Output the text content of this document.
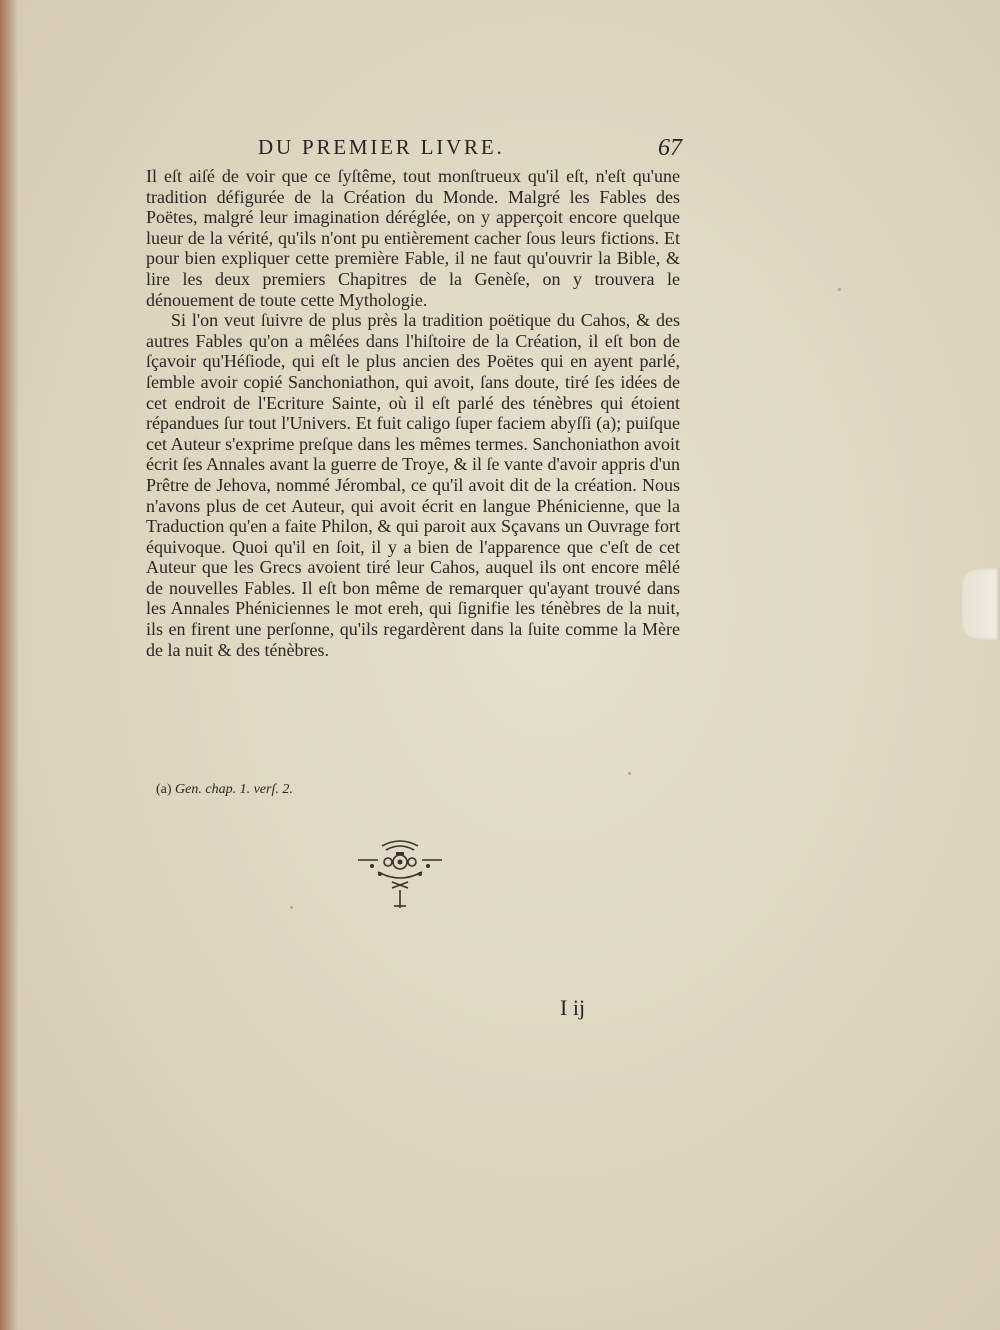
DU PREMIER LIVRE.	67

Il eſt aiſé de voir que ce ſyſtême, tout monſtrueux qu'il eſt, n'eſt qu'une tradition défigurée de la Création du Monde. Malgré les Fables des Poëtes, malgré leur imagination déréglée, on y apperçoit encore quelque lueur de la vérité, qu'ils n'ont pu entièrement cacher ſous leurs fictions. Et pour bien expliquer cette première Fable, il ne faut qu'ouvrir la Bible, & lire les deux premiers Chapitres de la Genèſe, on y trouvera le dénouement de toute cette Mythologie.

Si l'on veut ſuivre de plus près la tradition poëtique du Cahos, & des autres Fables qu'on a mêlées dans l'hiſtoire de la Création, il eſt bon de ſçavoir qu'Héſiode, qui eſt le plus ancien des Poëtes qui en ayent parlé, ſemble avoir copié Sanchoniathon, qui avoit, ſans doute, tiré ſes idées de cet endroit de l'Ecriture Sainte, où il eſt parlé des ténèbres qui étoient répandues ſur tout l'Univers. Et fuit caligo ſuper faciem abyſſi (a); puiſque cet Auteur s'exprime preſque dans les mêmes termes. Sanchoniathon avoit écrit ſes Annales avant la guerre de Troye, & il ſe vante d'avoir appris d'un Prêtre de Jehova, nommé Jérombal, ce qu'il avoit dit de la création. Nous n'avons plus de cet Auteur, qui avoit écrit en langue Phénicienne, que la Traduction qu'en a faite Philon, & qui paroit aux Sçavans un Ouvrage fort équivoque. Quoi qu'il en ſoit, il y a bien de l'apparence que c'eſt de cet Auteur que les Grecs avoient tiré leur Cahos, auquel ils ont encore mêlé de nouvelles Fables. Il eſt bon même de remarquer qu'ayant trouvé dans les Annales Phéniciennes le mot ereh, qui ſignifie les ténèbres de la nuit, ils en firent une perſonne, qu'ils regardèrent dans la ſuite comme la Mère de la nuit & des ténèbres.

(a) Gen. chap. 1. verſ. 2.
I ij
